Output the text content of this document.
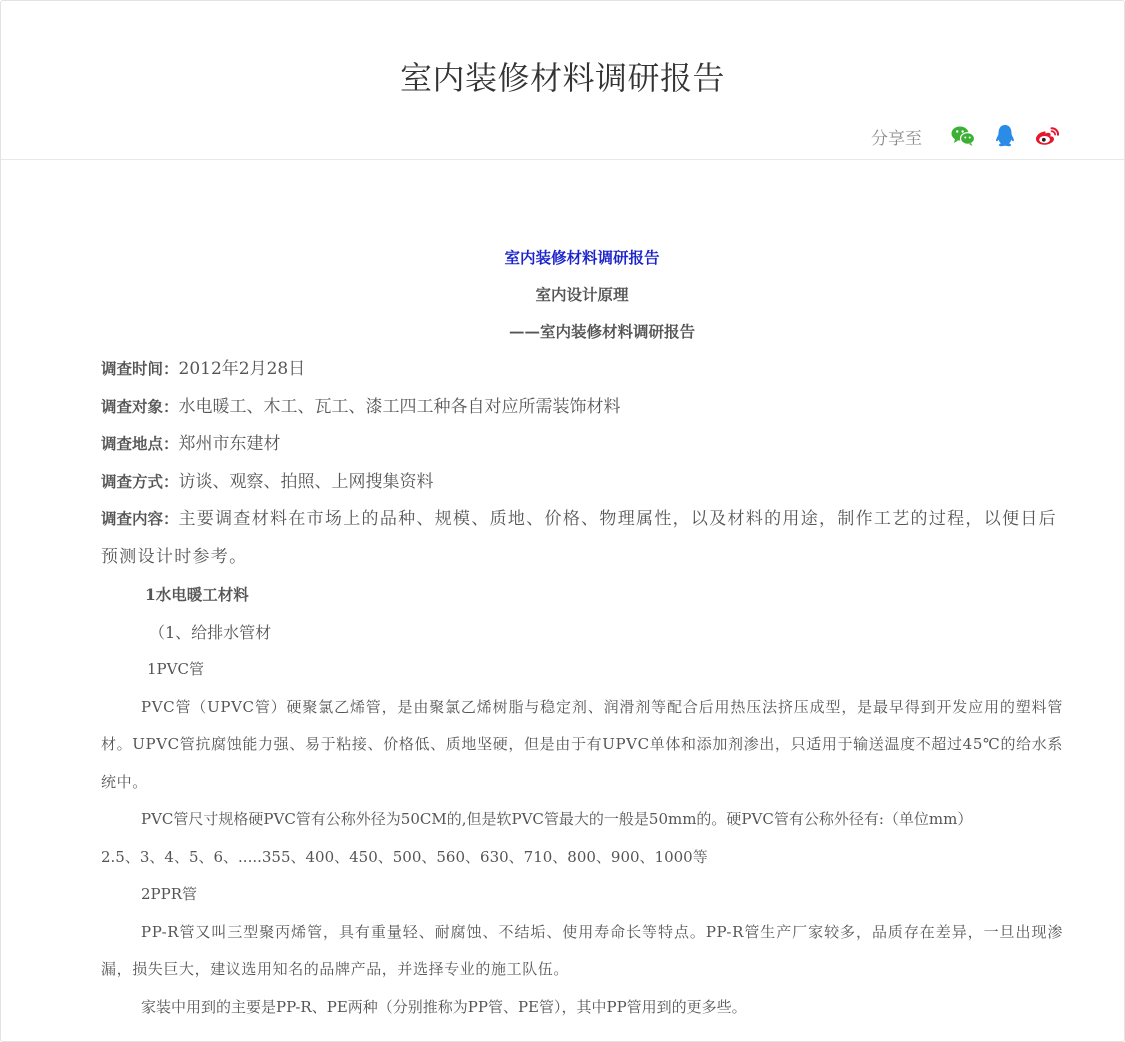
室内装修材料调研报告
分享至
室内装修材料调研报告
室内设计原理
——室内装修材料调研报告
调查时间：2012年2月28日
调查对象：水电暖工、木工、瓦工、漆工四工种各自对应所需装饰材料
调查地点：郑州市东建材
调查方式：访谈、观察、拍照、上网搜集资料
调查内容：主要调查材料在市场上的品种、规模、质地、价格、物理属性，以及材料的用途，制作工艺的过程，以便日后预测设计时参考。
1水电暖工材料
（1、给排水管材
1PVC管
PVC管（UPVC管）硬聚氯乙烯管，是由聚氯乙烯树脂与稳定剂、润滑剂等配合后用热压法挤压成型，是最早得到开发应用的塑料管材。UPVC管抗腐蚀能力强、易于粘接、价格低、质地坚硬，但是由于有UPVC单体和添加剂渗出，只适用于输送温度不超过45℃的给水系统中。
PVC管尺寸规格硬PVC管有公称外径为50CM的,但是软PVC管最大的一般是50mm的。硬PVC管有公称外径有:（单位mm）
2.5、3、4、5、6、.....355、400、450、500、560、630、710、800、900、1000等
2PPR管
PP-R管又叫三型聚丙烯管，具有重量轻、耐腐蚀、不结垢、使用寿命长等特点。PP-R管生产厂家较多，品质存在差异，一旦出现渗漏，损失巨大，建议选用知名的品牌产品，并选择专业的施工队伍。
家装中用到的主要是PP-R、PE两种（分别推称为PP管、PE管），其中PP管用到的更多些。
